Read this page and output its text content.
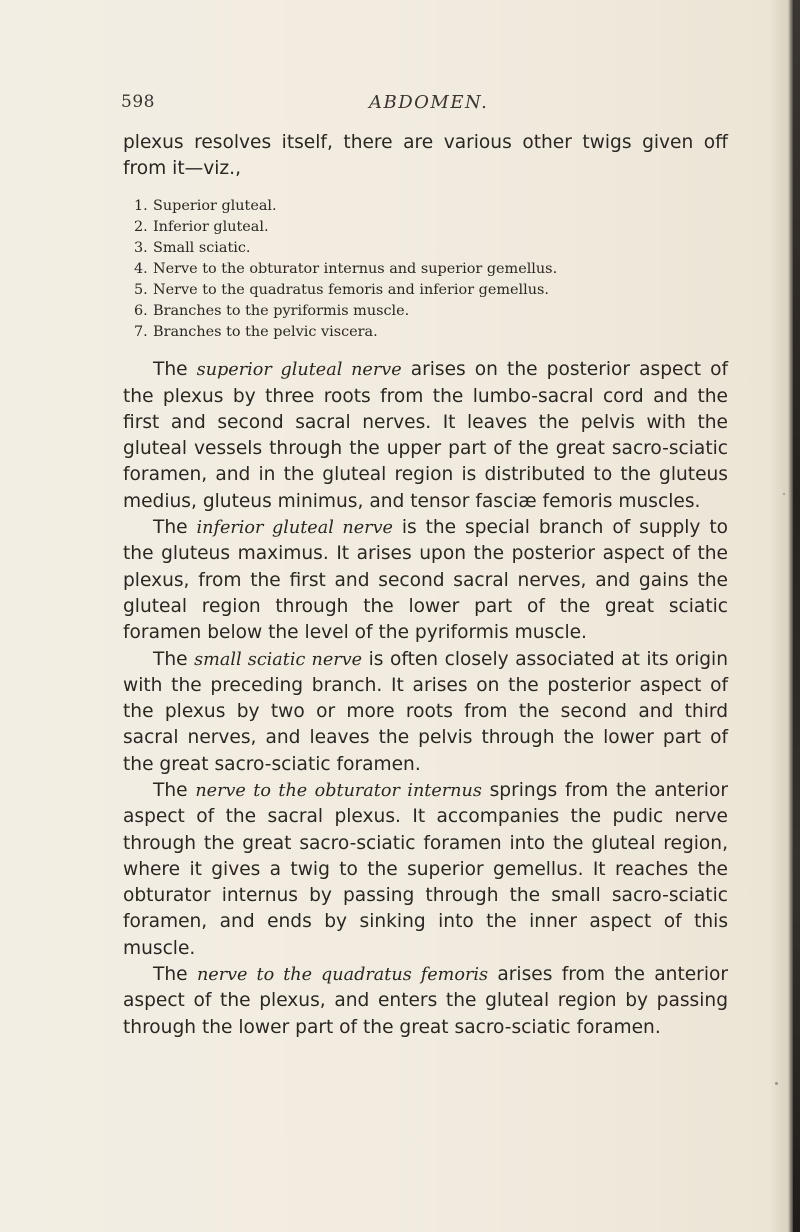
598	ABDOMEN.

plexus resolves itself, there are various other twigs given off from it—viz.,

1. Superior gluteal.
2. Inferior gluteal.
3. Small sciatic.
4. Nerve to the obturator internus and superior gemellus.
5. Nerve to the quadratus femoris and inferior gemellus.
6. Branches to the pyriformis muscle.
7. Branches to the pelvic viscera.

The superior gluteal nerve arises on the posterior aspect of the plexus by three roots from the lumbo-sacral cord and the first and second sacral nerves. It leaves the pelvis with the gluteal vessels through the upper part of the great sacro-sciatic foramen, and in the gluteal region is distributed to the gluteus medius, gluteus minimus, and tensor fasciæ femoris muscles.

The inferior gluteal nerve is the special branch of supply to the gluteus maximus. It arises upon the posterior aspect of the plexus, from the first and second sacral nerves, and gains the gluteal region through the lower part of the great sciatic foramen below the level of the pyriformis muscle.

The small sciatic nerve is often closely associated at its origin with the preceding branch. It arises on the posterior aspect of the plexus by two or more roots from the second and third sacral nerves, and leaves the pelvis through the lower part of the great sacro-sciatic foramen.

The nerve to the obturator internus springs from the anterior aspect of the sacral plexus. It accompanies the pudic nerve through the great sacro-sciatic foramen into the gluteal region, where it gives a twig to the superior gemellus. It reaches the obturator internus by passing through the small sacro-sciatic foramen, and ends by sinking into the inner aspect of this muscle.

The nerve to the quadratus femoris arises from the anterior aspect of the plexus, and enters the gluteal region by passing through the lower part of the great sacro-sciatic foramen.
